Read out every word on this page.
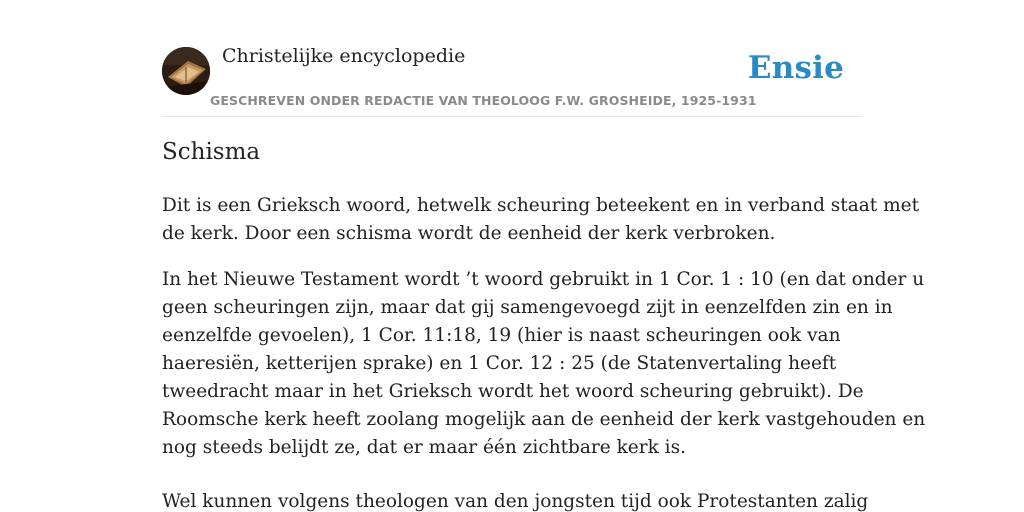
Christelijke encyclopedie
GESCHREVEN ONDER REDACTIE VAN THEOLOOG F.W. GROSHEIDE, 1925-1931
Ensie
Schisma

Dit is een Grieksch woord, hetwelk scheuring beteekent en in verband staat met
de kerk. Door een schisma wordt de eenheid der kerk verbroken.

In het Nieuwe Testament wordt ’t woord gebruikt in 1 Cor. 1 : 10 (en dat onder u
geen scheuringen zijn, maar dat gij samengevoegd zijt in eenzelfden zin en in
eenzelfde gevoelen), 1 Cor. 11:18, 19 (hier is naast scheuringen ook van
haeresiën, ketterijen sprake) en 1 Cor. 12 : 25 (de Statenvertaling heeft
tweedracht maar in het Grieksch wordt het woord scheuring gebruikt). De
Roomsche kerk heeft zoolang mogelijk aan de eenheid der kerk vastgehouden en
nog steeds belijdt ze, dat er maar één zichtbare kerk is.

Wel kunnen volgens theologen van den jongsten tijd ook Protestanten zalig
